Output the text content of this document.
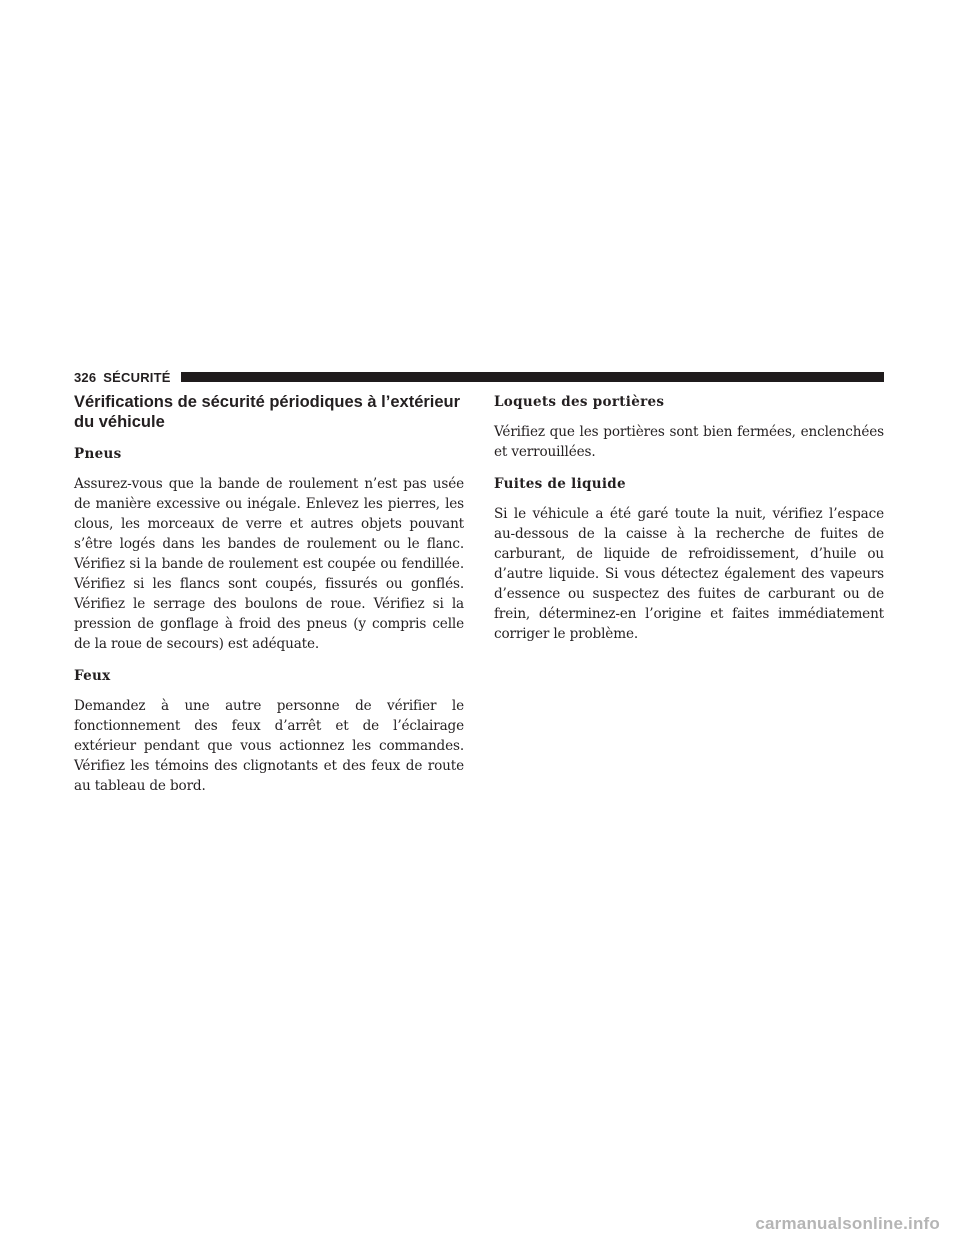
326 SÉCURITÉ
Vérifications de sécurité périodiques à l’extérieur du véhicule
Pneus

Assurez-vous que la bande de roulement n’est pas usée de manière excessive ou inégale. Enlevez les pierres, les clous, les morceaux de verre et autres objets pouvant s’être logés dans les bandes de roulement ou le flanc. Vérifiez si la bande de roulement est coupée ou fendillée. Vérifiez si les flancs sont coupés, fissurés ou gonflés. Vérifiez le serrage des boulons de roue. Vérifiez si la pression de gonflage à froid des pneus (y compris celle de la roue de secours) est adéquate.

Feux

Demandez à une autre personne de vérifier le fonctionnement des feux d’arrêt et de l’éclairage extérieur pendant que vous actionnez les commandes. Vérifiez les témoins des clignotants et des feux de route au tableau de bord.

Loquets des portières

Vérifiez que les portières sont bien fermées, enclenchées et verrouillées.

Fuites de liquide

Si le véhicule a été garé toute la nuit, vérifiez l’espace au-dessous de la caisse à la recherche de fuites de carburant, de liquide de refroidissement, d’huile ou d’autre liquide. Si vous détectez également des vapeurs d’essence ou suspectez des fuites de carburant ou de frein, déterminez-en l’origine et faites immédiatement corriger le problème.

carmanualsonline.info
